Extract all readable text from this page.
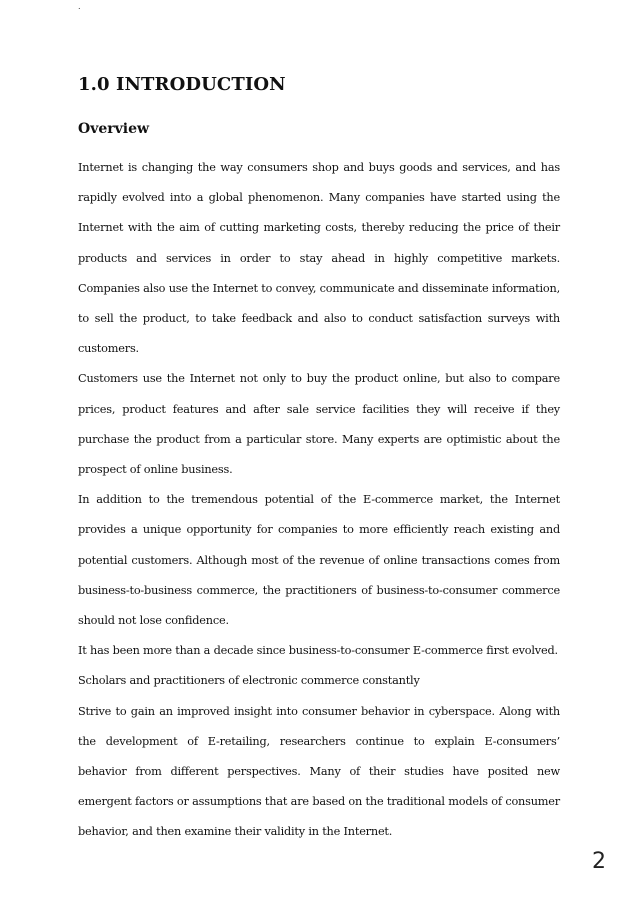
.
1.0 INTRODUCTION
Overview

Internet is changing the way consumers shop and buys goods and services, and has rapidly evolved into a global phenomenon. Many companies have started using the Internet with the aim of cutting marketing costs, thereby reducing the price of their products and services in order to stay ahead in highly competitive markets. Companies also use the Internet to convey, communicate and disseminate information, to sell the product, to take feedback and also to conduct satisfaction surveys with customers.

Customers use the Internet not only to buy the product online, but also to compare prices, product features and after sale service facilities they will receive if they purchase the product from a particular store. Many experts are optimistic about the prospect of online business.

In addition to the tremendous potential of the E-commerce market, the Internet provides a unique opportunity for companies to more efficiently reach existing and potential customers. Although most of the revenue of online transactions comes from business-to-business commerce, the practitioners of business-to-consumer commerce should not lose confidence.

It has been more than a decade since business-to-consumer E-commerce first evolved.

Scholars and practitioners of electronic commerce constantly

Strive to gain an improved insight into consumer behavior in cyberspace. Along with the development of E-retailing, researchers continue to explain E-consumers’ behavior from different perspectives. Many of their studies have posited new emergent factors or assumptions that are based on the traditional models of consumer behavior, and then examine their validity in the Internet.

2
